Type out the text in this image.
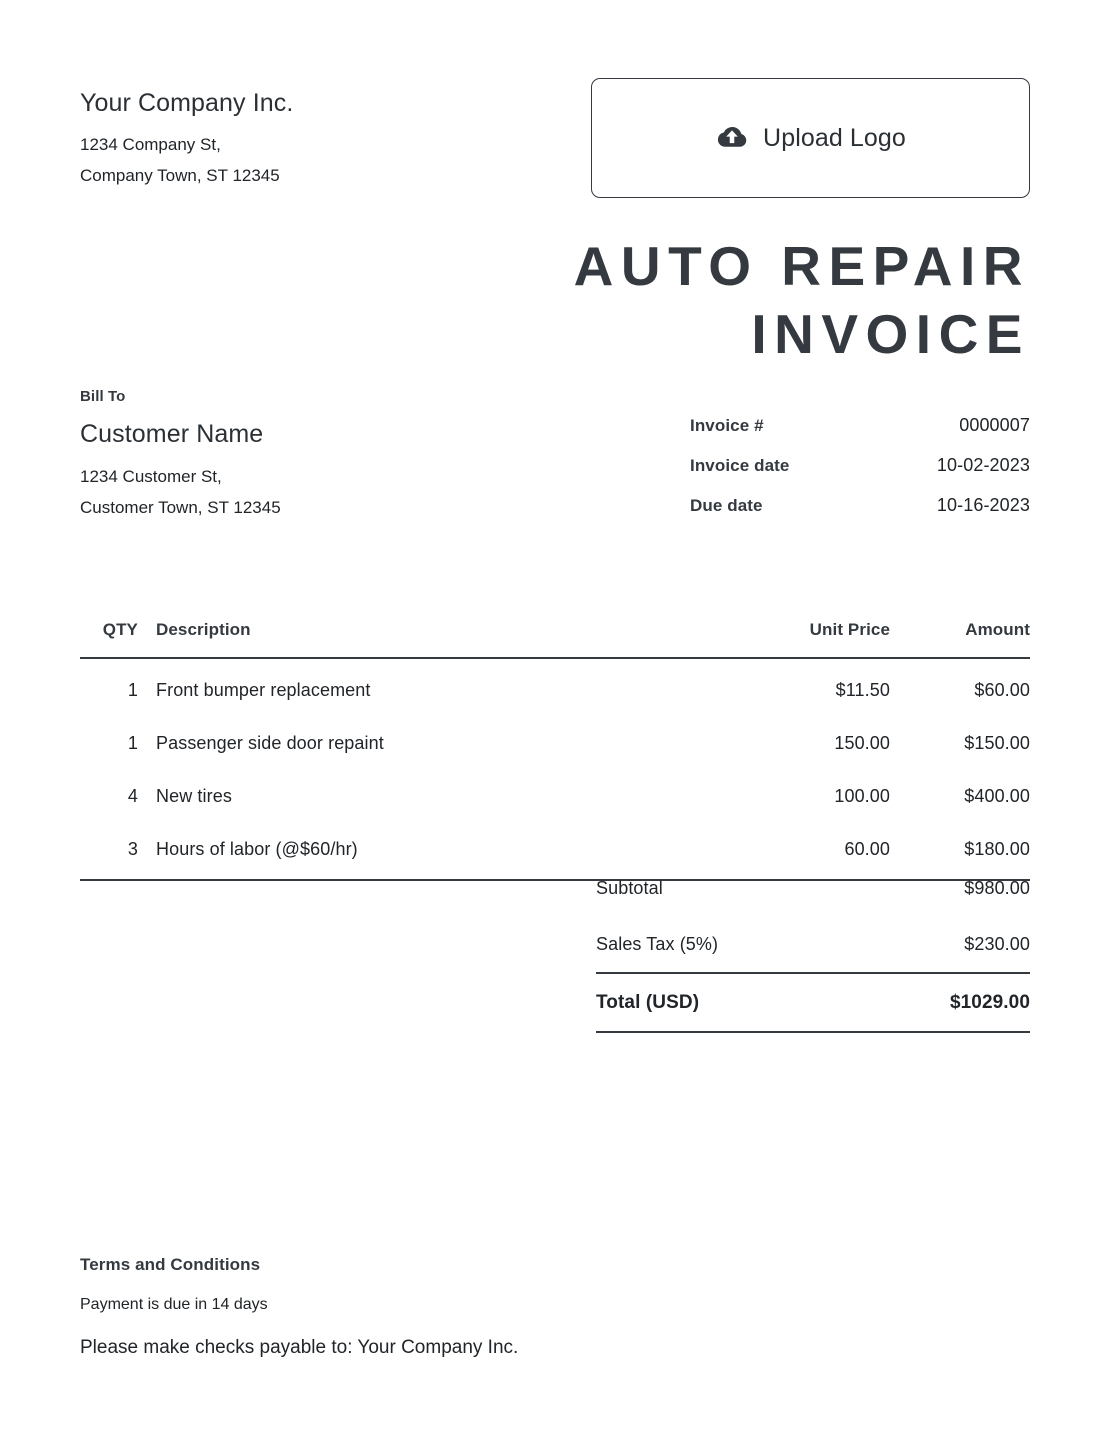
Your Company Inc.
1234 Company St,
Company Town, ST 12345
Upload Logo
AUTO REPAIR
INVOICE
Bill To
Customer Name
1234 Customer St,
Customer Town, ST 12345
Invoice #	0000007
Invoice date	10-02-2023
Due date	10-16-2023
QTY	Description	Unit Price	Amount
1	Front bumper replacement	$11.50	$60.00
1	Passenger side door repaint	150.00	$150.00
4	New tires	100.00	$400.00
3	Hours of labor (@$60/hr)	60.00	$180.00
Subtotal	$980.00
Sales Tax (5%)	$230.00
Total (USD)	$1029.00
Terms and Conditions
Payment is due in 14 days
Please make checks payable to: Your Company Inc.
